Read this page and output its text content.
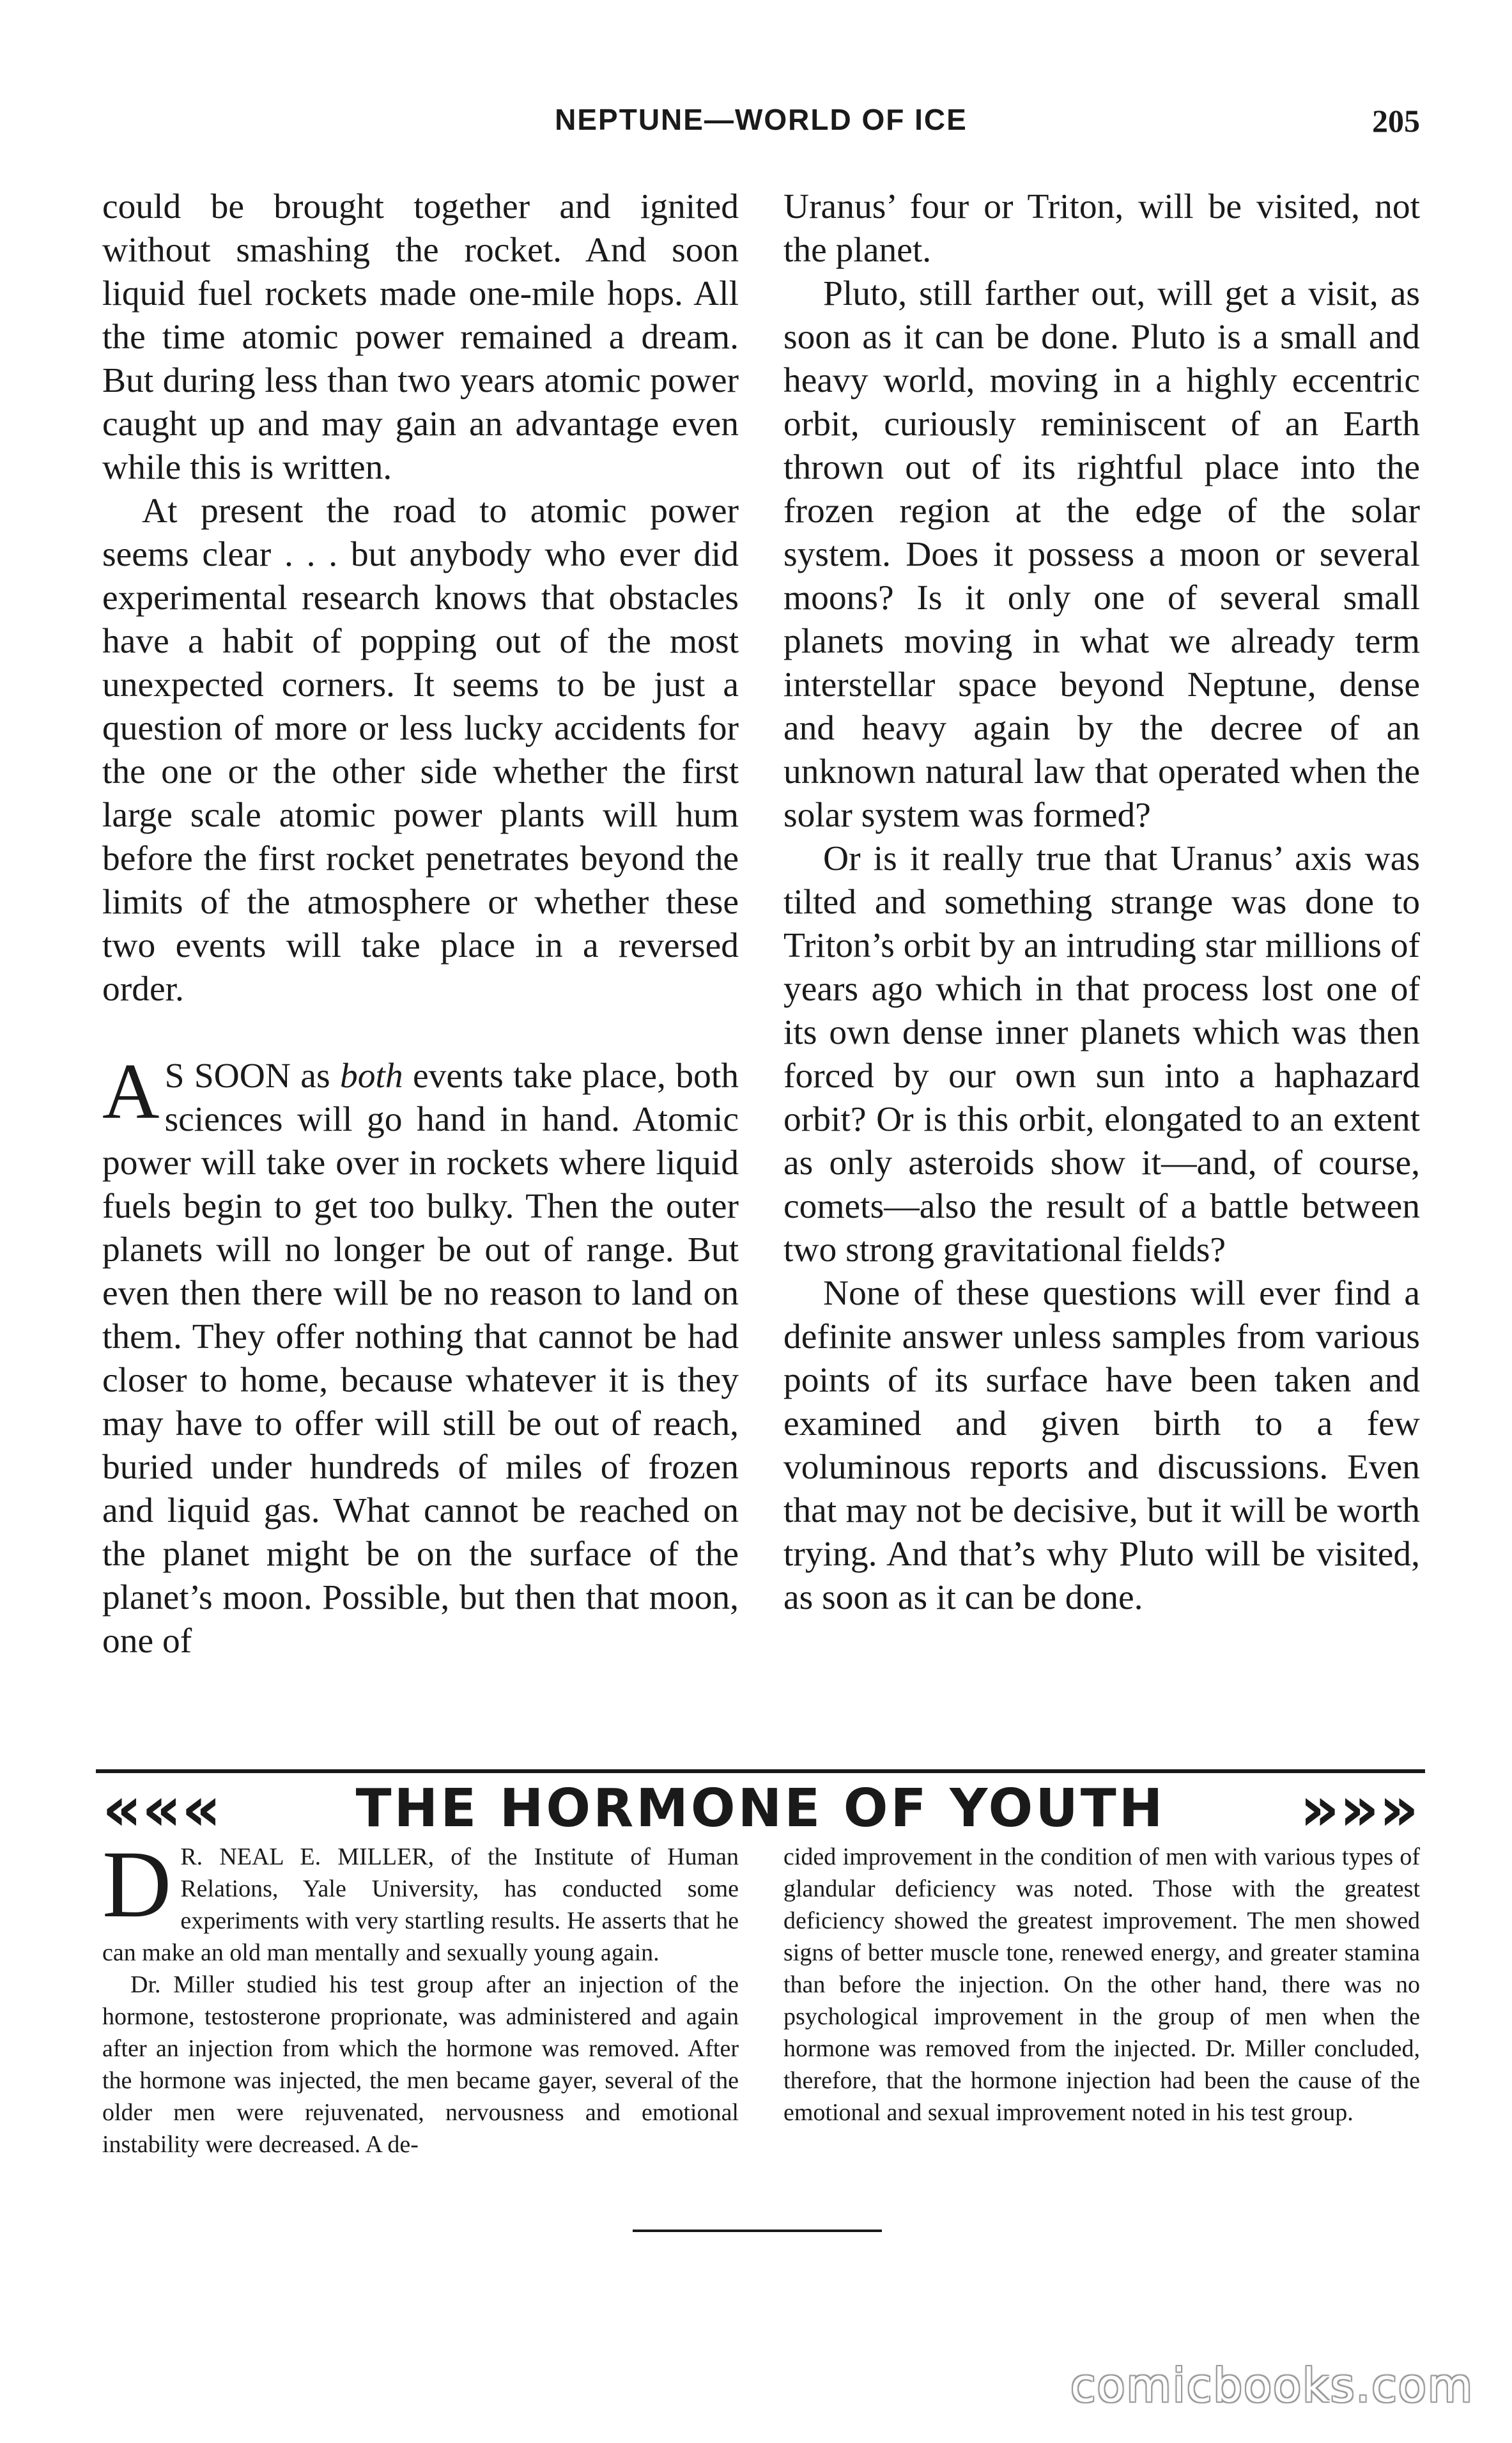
NEPTUNE—WORLD OF ICE	205

could be brought together and ignited without smashing the rocket. And soon liquid fuel rockets made one-mile hops. All the time atomic power remained a dream. But during less than two years atomic power caught up and may gain an advantage even while this is written.

At present the road to atomic power seems clear . . . but anybody who ever did experimental research knows that obstacles have a habit of popping out of the most unexpected corners. It seems to be just a question of more or less lucky accidents for the one or the other side whether the first large scale atomic power plants will hum before the first rocket penetrates beyond the limits of the atmosphere or whether these two events will take place in a reversed order.

A S SOON as both events take place, both sciences will go hand in hand. Atomic power will take over in rockets where liquid fuels begin to get too bulky. Then the outer planets will no longer be out of range. But even then there will be no reason to land on them. They offer nothing that cannot be had closer to home, because whatever it is they may have to offer will still be out of reach, buried under hundreds of miles of frozen and liquid gas. What cannot be reached on the planet might be on the surface of the planet’s moon. Possible, but then that moon, one of

Uranus’ four or Triton, will be visited, not the planet.

Pluto, still farther out, will get a visit, as soon as it can be done. Pluto is a small and heavy world, moving in a highly eccentric orbit, curiously reminiscent of an Earth thrown out of its rightful place into the frozen region at the edge of the solar system. Does it possess a moon or several moons? Is it only one of several small planets moving in what we already term interstellar space beyond Neptune, dense and heavy again by the decree of an unknown natural law that operated when the solar system was formed?

Or is it really true that Uranus’ axis was tilted and something strange was done to Triton’s orbit by an intruding star millions of years ago which in that process lost one of its own dense inner planets which was then forced by our own sun into a haphazard orbit? Or is this orbit, elongated to an extent as only asteroids show it—and, of course, comets—also the result of a battle between two strong gravitational fields?

None of these questions will ever find a definite answer unless samples from various points of its surface have been taken and examined and given birth to a few voluminous reports and discussions. Even that may not be decisive, but it will be worth trying. And that’s why Pluto will be visited, as soon as it can be done.

«««	THE HORMONE OF YOUTH	»»»

D R. NEAL E. MILLER, of the Institute of Human Relations, Yale University, has conducted some experiments with very startling results. He asserts that he can make an old man mentally and sexually young again.

Dr. Miller studied his test group after an injection of the hormone, testosterone proprionate, was administered and again after an injection from which the hormone was removed. After the hormone was injected, the men became gayer, several of the older men were rejuvenated, nervousness and emotional instability were decreased. A de-

cided improvement in the condition of men with various types of glandular deficiency was noted. Those with the greatest deficiency showed the greatest improvement. The men showed signs of better muscle tone, renewed energy, and greater stamina than before the injection. On the other hand, there was no psychological improvement in the group of men when the hormone was removed from the injected. Dr. Miller concluded, therefore, that the hormone injection had been the cause of the emotional and sexual improvement noted in his test group.

comicbooks.com
